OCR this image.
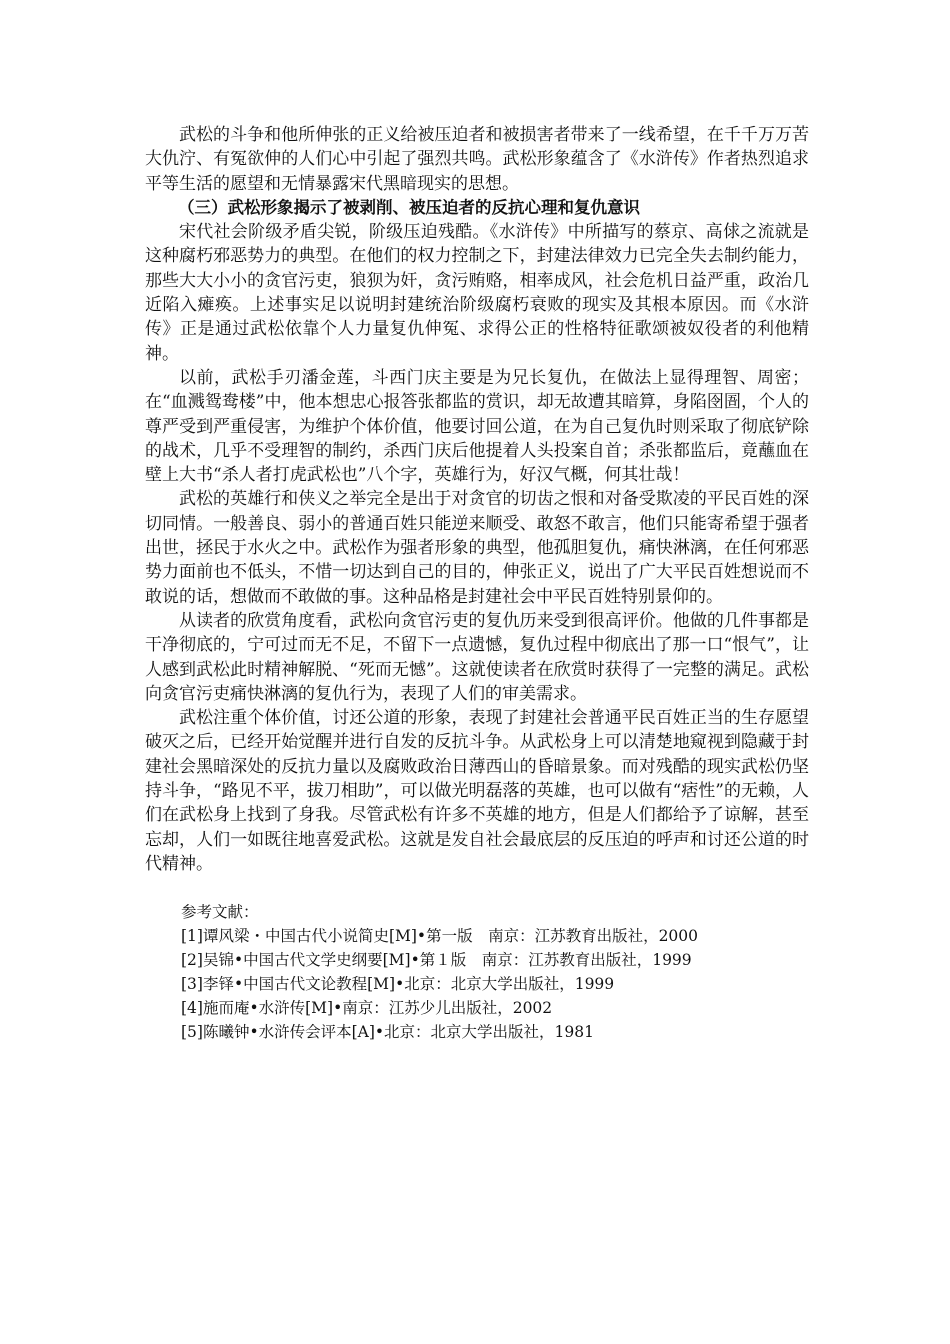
武松的斗争和他所伸张的正义给被压迫者和被损害者带来了一线希望，在千千万万苦大仇泞、有冤欲伸的人们心中引起了强烈共鸣。武松形象蕴含了《水浒传》作者热烈追求平等生活的愿望和无情暴露宋代黑暗现实的思想。

（三）武松形象揭示了被剥削、被压迫者的反抗心理和复仇意识

宋代社会阶级矛盾尖锐，阶级压迫残酷。《水浒传》中所描写的蔡京、高俅之流就是这种腐朽邪恶势力的典型。在他们的权力控制之下，封建法律效力已完全失去制约能力，那些大大小小的贪官污吏，狼狈为奸，贪污贿赂，相率成风，社会危机日益严重，政治几近陷入瘫痪。上述事实足以说明封建统治阶级腐朽衰败的现实及其根本原因。而《水浒传》正是通过武松依靠个人力量复仇伸冤、求得公正的性格特征歌颂被奴役者的利他精神。

以前，武松手刃潘金莲，斗西门庆主要是为兄长复仇，在做法上显得理智、周密；在“血溅鸳鸯楼”中，他本想忠心报答张都监的赏识，却无故遭其暗算，身陷囹圄，个人的尊严受到严重侵害，为维护个体价值，他要讨回公道，在为自己复仇时则采取了彻底铲除的战术，几乎不受理智的制约，杀西门庆后他提着人头投案自首；杀张都监后，竟蘸血在壁上大书“杀人者打虎武松也”八个字，英雄行为，好汉气概，何其壮哉！

武松的英雄行和侠义之举完全是出于对贪官的切齿之恨和对备受欺凌的平民百姓的深切同情。一般善良、弱小的普通百姓只能逆来顺受、敢怒不敢言，他们只能寄希望于强者出世，拯民于水火之中。武松作为强者形象的典型，他孤胆复仇，痛快淋漓，在任何邪恶势力面前也不低头，不惜一切达到自己的目的，伸张正义，说出了广大平民百姓想说而不敢说的话，想做而不敢做的事。这种品格是封建社会中平民百姓特别景仰的。

从读者的欣赏角度看，武松向贪官污吏的复仇历来受到很高评价。他做的几件事都是干净彻底的，宁可过而无不足，不留下一点遗憾，复仇过程中彻底出了那一口“恨气”，让人感到武松此时精神解脱、“死而无憾”。这就使读者在欣赏时获得了一完整的满足。武松向贪官污吏痛快淋漓的复仇行为，表现了人们的审美需求。

武松注重个体价值，讨还公道的形象，表现了封建社会普通平民百姓正当的生存愿望破灭之后，已经开始觉醒并进行自发的反抗斗争。从武松身上可以清楚地窥视到隐藏于封建社会黑暗深处的反抗力量以及腐败政治日薄西山的昏暗景象。而对残酷的现实武松仍坚持斗争，“路见不平，拔刀相助”，可以做光明磊落的英雄，也可以做有“痞性”的无赖，人们在武松身上找到了身我。尽管武松有许多不英雄的地方，但是人们都给予了谅解，甚至忘却，人们一如既往地喜爱武松。这就是发自社会最底层的反压迫的呼声和讨还公道的时代精神。

参考文献：

[1]谭风梁・中国古代小说简史[M]•第一版　南京：江苏教育出版社，2000
[2]吴锦•中国古代文学史纲要[M]•第１版　南京：江苏教育出版社，1999
[3]李铎•中国古代文论教程[M]•北京：北京大学出版社，1999
[4]施而庵•水浒传[M]•南京：江苏少儿出版社，2002
[5]陈曦钟•水浒传会评本[A]•北京：北京大学出版社，1981
